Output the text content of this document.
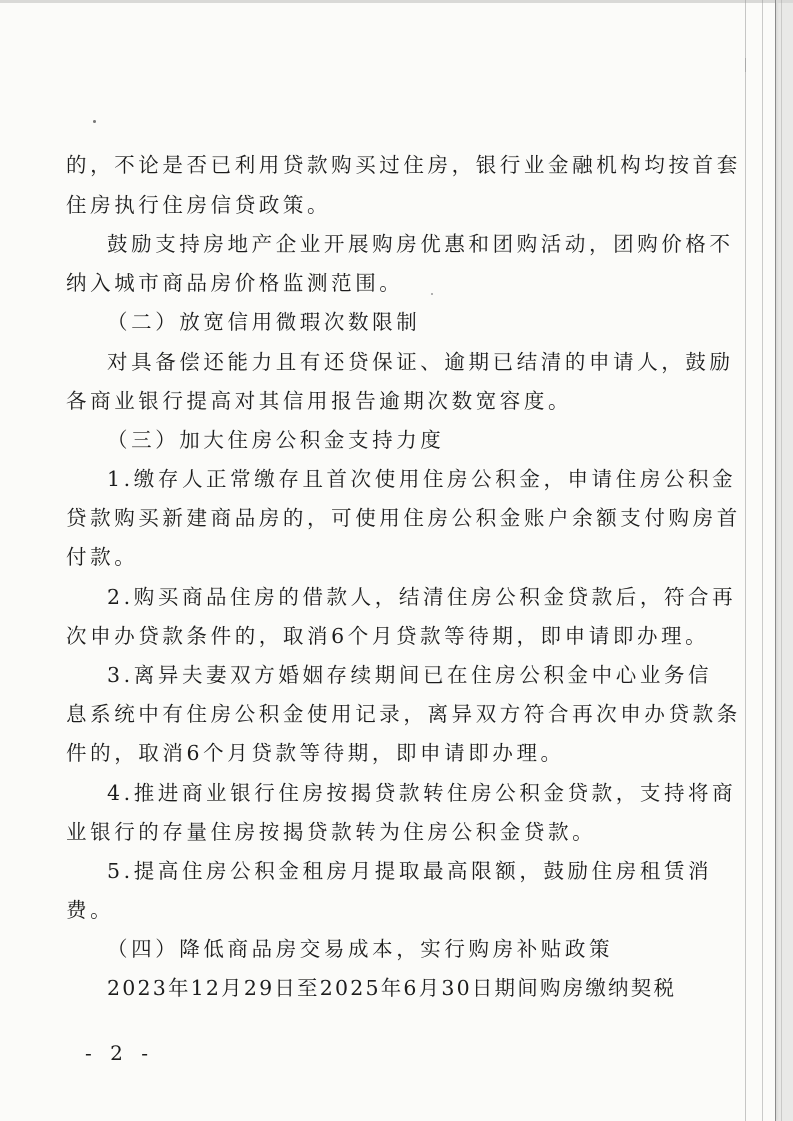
的，不论是否已利用贷款购买过住房，银行业金融机构均按首套

住房执行住房信贷政策。

鼓励支持房地产企业开展购房优惠和团购活动，团购价格不

纳入城市商品房价格监测范围。

（二）放宽信用微瑕次数限制

对具备偿还能力且有还贷保证、逾期已结清的申请人，鼓励

各商业银行提高对其信用报告逾期次数宽容度。

（三）加大住房公积金支持力度

1.缴存人正常缴存且首次使用住房公积金，申请住房公积金

贷款购买新建商品房的，可使用住房公积金账户余额支付购房首

付款。

2.购买商品住房的借款人，结清住房公积金贷款后，符合再

次申办贷款条件的，取消6个月贷款等待期，即申请即办理。

3.离异夫妻双方婚姻存续期间已在住房公积金中心业务信

息系统中有住房公积金使用记录，离异双方符合再次申办贷款条

件的，取消6个月贷款等待期，即申请即办理。

4.推进商业银行住房按揭贷款转住房公积金贷款，支持将商

业银行的存量住房按揭贷款转为住房公积金贷款。

5.提高住房公积金租房月提取最高限额，鼓励住房租赁消

费。

（四）降低商品房交易成本，实行购房补贴政策

2023年12月29日至2025年6月30日期间购房缴纳契税

- 2 -
